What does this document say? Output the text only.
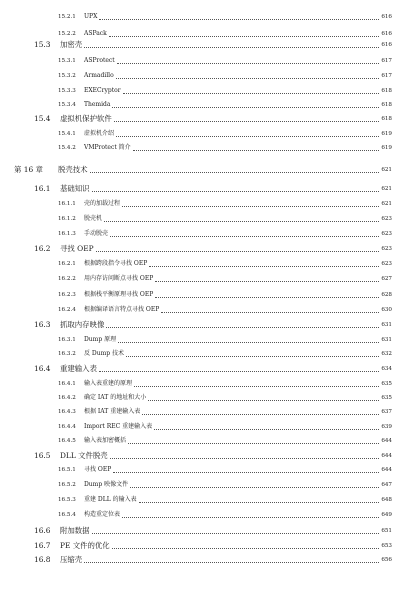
15.2.1 UPX	616
15.2.2 ASPack	616
15.3 加密壳	616
15.3.1 ASProtect	617
15.3.2 Armadillo	617
15.3.3 EXECryptor	618
15.3.4 Themida	618
15.4 虚拟机保护软件	618
15.4.1 虚拟机介绍	619
15.4.2 VMProtect 简介	619
第 16 章 脱壳技术	621
16.1 基础知识	621
16.1.1 壳的加载过程	621
16.1.2 脱壳机	623
16.1.3 手动脱壳	623
16.2 寻找 OEP	623
16.2.1 根据跨段指令寻找 OEP	623
16.2.2 用内存访问断点寻找 OEP	627
16.2.3 根据栈平衡原理寻找 OEP	628
16.2.4 根据编译语言特点寻找 OEP	630
16.3 抓取内存映像	631
16.3.1 Dump 原理	631
16.3.2 反 Dump 技术	632
16.4 重建输入表	634
16.4.1 输入表重建的原理	635
16.4.2 确定 IAT 的地址和大小	635
16.4.3 根据 IAT 重建输入表	637
16.4.4 Import REC 重建输入表	639
16.4.5 输入表加密概括	644
16.5 DLL 文件脱壳	644
16.5.1 寻找 OEP	644
16.5.2 Dump 映像文件	647
16.5.3 重建 DLL 的输入表	648
16.5.4 构造重定位表	649
16.6 附加数据	651
16.7 PE 文件的优化	653
16.8 压缩壳	656
